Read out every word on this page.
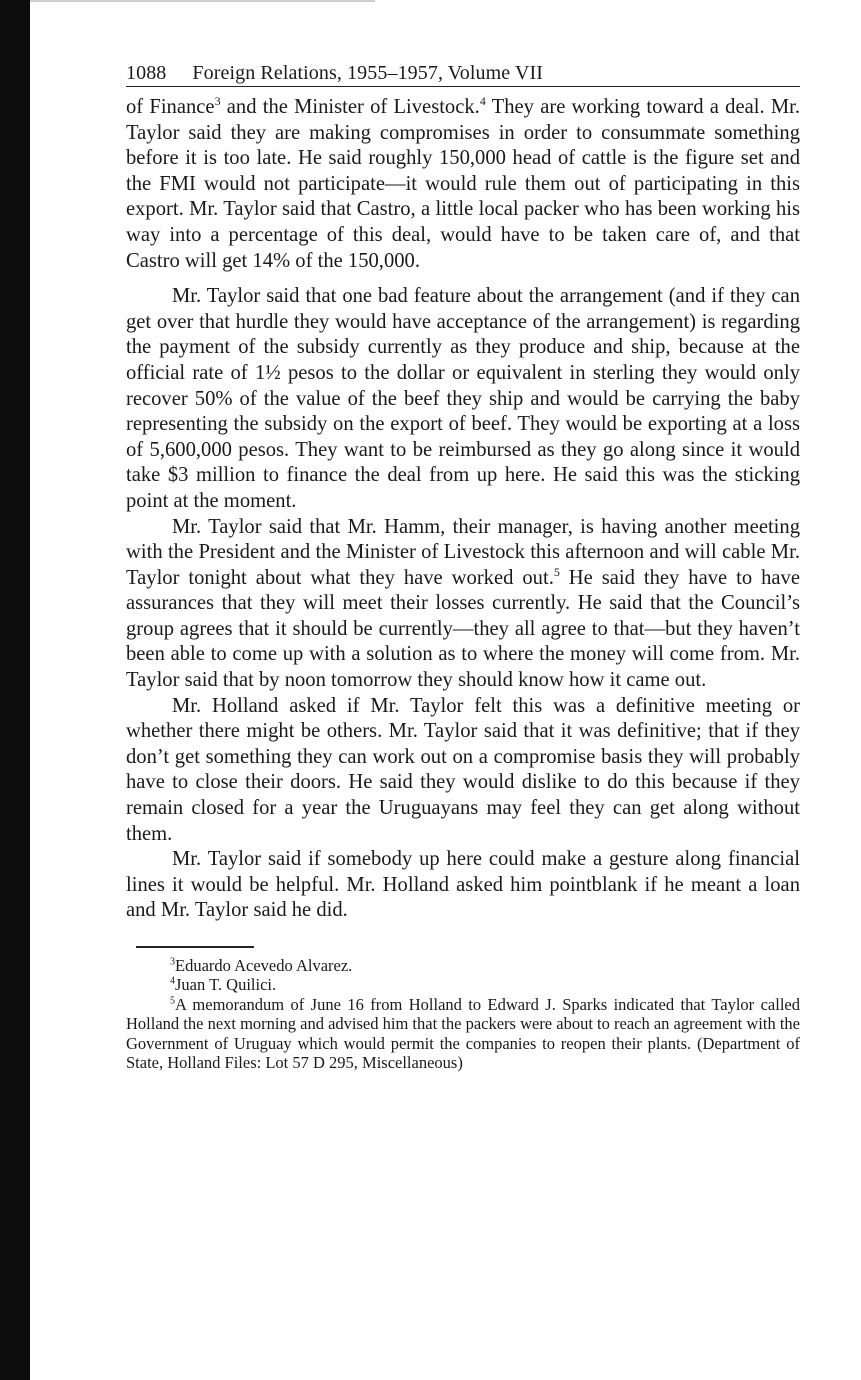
1088 Foreign Relations, 1955–1957, Volume VII

of Finance$^3$ and the Minister of Livestock.$^4$ They are working toward a deal. Mr. Taylor said they are making compromises in order to consummate something before it is too late. He said roughly 150,000 head of cattle is the figure set and the FMI would not participate—it would rule them out of participating in this export. Mr. Taylor said that Castro, a little local packer who has been working his way into a percentage of this deal, would have to be taken care of, and that Castro will get 14% of the 150,000.

Mr. Taylor said that one bad feature about the arrangement (and if they can get over that hurdle they would have acceptance of the arrangement) is regarding the payment of the subsidy currently as they produce and ship, because at the official rate of 1½ pesos to the dollar or equivalent in sterling they would only recover 50% of the value of the beef they ship and would be carrying the baby representing the subsidy on the export of beef. They would be exporting at a loss of 5,600,000 pesos. They want to be reimbursed as they go along since it would take $3 million to finance the deal from up here. He said this was the sticking point at the moment.

Mr. Taylor said that Mr. Hamm, their manager, is having another meeting with the President and the Minister of Livestock this afternoon and will cable Mr. Taylor tonight about what they have worked out.$^5$ He said they have to have assurances that they will meet their losses currently. He said that the Council’s group agrees that it should be currently—they all agree to that—but they haven’t been able to come up with a solution as to where the money will come from. Mr. Taylor said that by noon tomorrow they should know how it came out.

Mr. Holland asked if Mr. Taylor felt this was a definitive meeting or whether there might be others. Mr. Taylor said that it was definitive; that if they don’t get something they can work out on a compromise basis they will probably have to close their doors. He said they would dislike to do this because if they remain closed for a year the Uruguayans may feel they can get along without them.

Mr. Taylor said if somebody up here could make a gesture along financial lines it would be helpful. Mr. Holland asked him pointblank if he meant a loan and Mr. Taylor said he did.

$^3$Eduardo Acevedo Alvarez.

$^4$Juan T. Quilici.

$^5$A memorandum of June 16 from Holland to Edward J. Sparks indicated that Taylor called Holland the next morning and advised him that the packers were about to reach an agreement with the Government of Uruguay which would permit the companies to reopen their plants. (Department of State, Holland Files: Lot 57 D 295, Miscellaneous)
